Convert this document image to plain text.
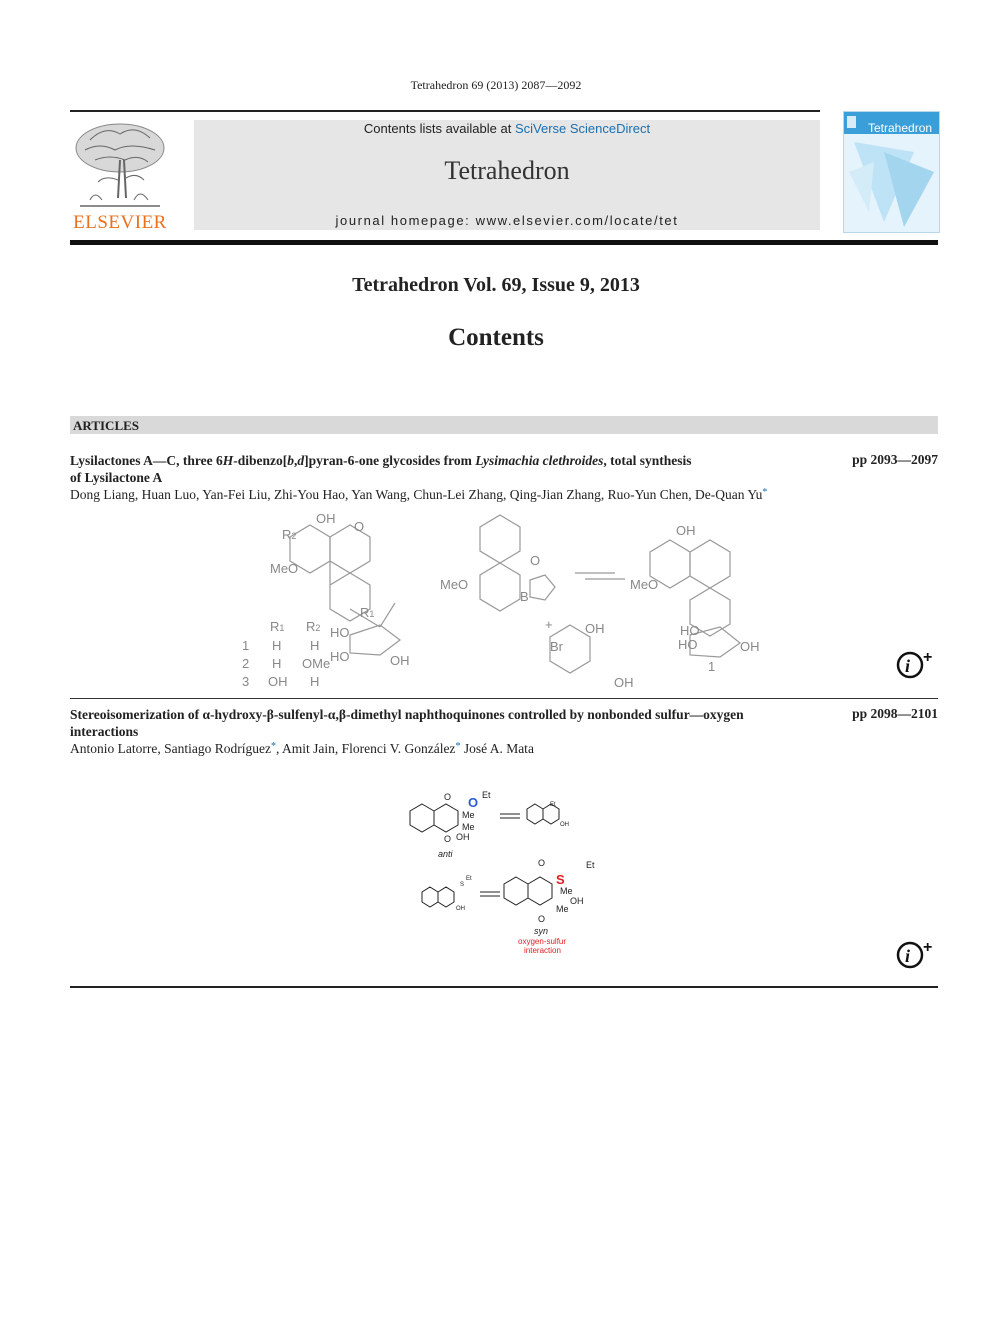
Tetrahedron 69 (2013) 2087—2092
ELSEVIER
Contents lists available at SciVerse ScienceDirect
Tetrahedron
journal homepage: www.elsevier.com/locate/tet
Tetrahedron
Tetrahedron Vol. 69, Issue 9, 2013
Contents
ARTICLES
Lysilactones A—C, three 6H-dibenzo[b,d]pyran-6-one glycosides from Lysimachia clethroides, total synthesis
of Lysilactone A
pp 2093—2097
Dong Liang, Huan Luo, Yan-Fei Liu, Zhi-You Hao, Yan Wang, Chun-Lei Zhang, Qing-Jian Zhang, Ruo-Yun Chen, De-Quan Yu*
OH
O
R2
MeO
R1
HO
HO	OH
R1 R2
1 H H
2 H OMe
3 OH H
MeO
O
B
+
Br
OH
OH
OH
MeO
HO
HO	OH
1	i +
Stereoisomerization of α-hydroxy-β-sulfenyl-α,β-dimethyl naphthoquinones controlled by nonbonded sulfur—oxygen
interactions
pp 2098—2101
Antonio Latorre, Santiago Rodríguez*, Amit Jain, Florenci V. González* José A. Mata
O O Et
Me
Me
OH
O
anti
Et
OH
S
Et
OH
O
S
Et
Me
OH
Me
O
syn
oxygen-sulfur
interaction	i +
